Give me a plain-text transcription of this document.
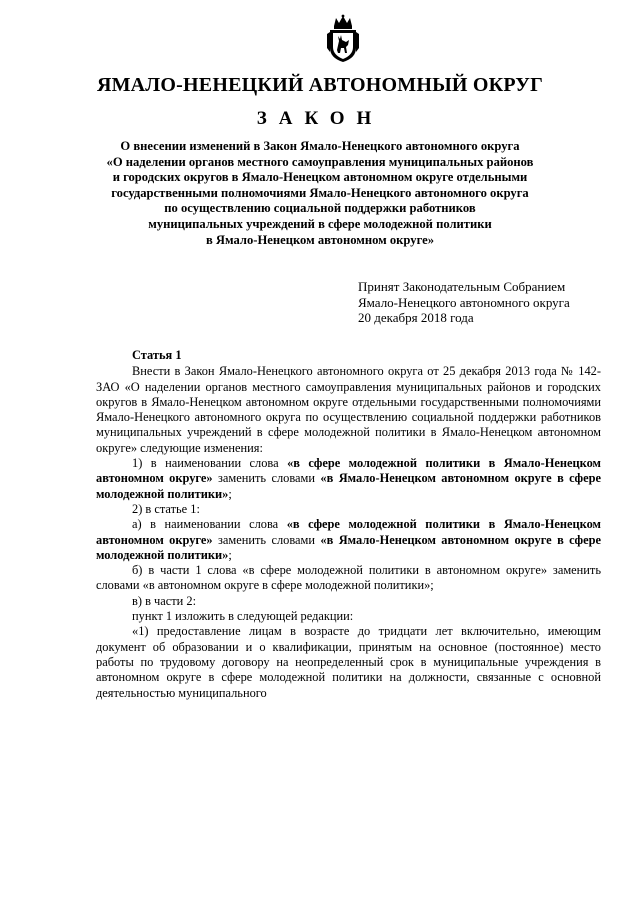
ЯМАЛО-НЕНЕЦКИЙ АВТОНОМНЫЙ ОКРУГ
ЗАКОН
О внесении изменений в Закон Ямало-Ненецкого автономного округа
«О наделении органов местного самоуправления муниципальных районов
и городских округов в Ямало-Ненецком автономном округе отдельными
государственными полномочиями Ямало-Ненецкого автономного округа
по осуществлению социальной поддержки работников
муниципальных учреждений в сфере молодежной политики
в Ямало-Ненецком автономном округе»
Принят Законодательным Собранием
Ямало-Ненецкого автономного округа
20 декабря 2018 года
Статья 1
Внести в Закон Ямало-Ненецкого автономного округа от 25 декабря 2013 года № 142-ЗАО «О наделении органов местного самоуправления муниципальных районов и городских округов в Ямало-Ненецком автономном округе отдельными государственными полномочиями Ямало-Ненецкого автономного округа по осуществлению социальной поддержки работников муниципальных учреждений в сфере молодежной политики в Ямало-Ненецком автономном округе» следующие изменения:
1) в наименовании слова «в сфере молодежной политики в Ямало-Ненецком автономном округе» заменить словами «в Ямало-Ненецком автономном округе в сфере молодежной политики»;
2) в статье 1:
а) в наименовании слова «в сфере молодежной политики в Ямало-Ненецком автономном округе» заменить словами «в Ямало-Ненецком автономном округе в сфере молодежной политики»;
б) в части 1 слова «в сфере молодежной политики в автономном округе» заменить словами «в автономном округе в сфере молодежной политики»;
в) в части 2:
пункт 1 изложить в следующей редакции:
«1) предоставление лицам в возрасте до тридцати лет включительно, имеющим документ об образовании и о квалификации, принятым на основное (постоянное) место работы по трудовому договору на неопределенный срок в муниципальные учреждения в автономном округе в сфере молодежной политики на должности, связанные с основной деятельностью муниципального
